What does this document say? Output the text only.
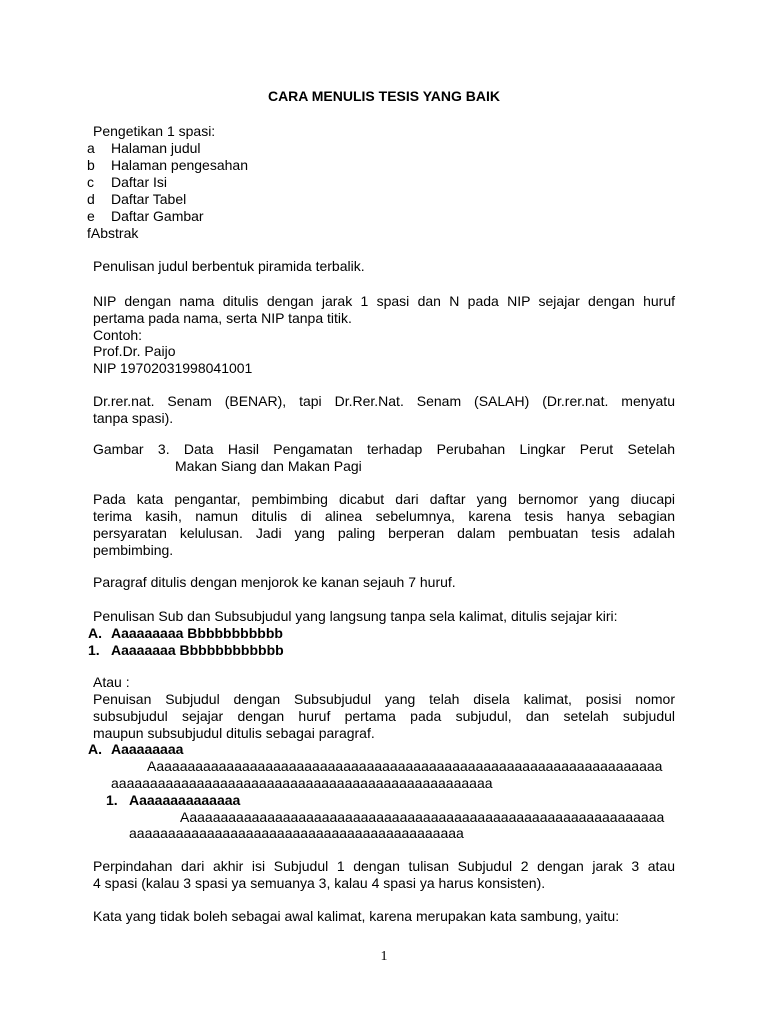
CARA MENULIS TESIS YANG BAIK
Pengetikan 1 spasi:
a Halaman judul
b Halaman pengesahan
c Daftar Isi
d Daftar Tabel
e Daftar Gambar
fAbstrak
Penulisan judul berbentuk piramida terbalik.
NIP dengan nama ditulis dengan jarak 1 spasi dan N pada NIP sejajar dengan huruf
pertama pada nama, serta NIP tanpa titik.
Contoh:
Prof.Dr. Paijo
NIP 19702031998041001
Dr.rer.nat. Senam (BENAR), tapi Dr.Rer.Nat. Senam (SALAH) (Dr.rer.nat. menyatu
tanpa spasi).
Gambar 3. Data Hasil Pengamatan terhadap Perubahan Lingkar Perut Setelah
Makan Siang dan Makan Pagi
Pada kata pengantar, pembimbing dicabut dari daftar yang bernomor yang diucapi
terima kasih, namun ditulis di alinea sebelumnya, karena tesis hanya sebagian
persyaratan kelulusan. Jadi yang paling berperan dalam pembuatan tesis adalah
pembimbing.
Paragraf ditulis dengan menjorok ke kanan sejauh 7 huruf.
Penulisan Sub dan Subsubjudul yang langsung tanpa sela kalimat, ditulis sejajar kiri:
A. Aaaaaaaaa Bbbbbbbbbbb
1. Aaaaaaaa Bbbbbbbbbbbb
Atau :
Penuisan Subjudul dengan Subsubjudul yang telah disela kalimat, posisi nomor
subsubjudul sejajar dengan huruf pertama pada subjudul, dan setelah subjudul
maupun subsubjudul ditulis sebagai paragraf.
A. Aaaaaaaaa
Aaaaaaaaaaaaaaaaaaaaaaaaaaaaaaaaaaaaaaaaaaaaaaaaaaaaaaaaaaaaaaaaaa
aaaaaaaaaaaaaaaaaaaaaaaaaaaaaaaaaaaaaaaaaaaaaaaaa
1. Aaaaaaaaaaaaaa
Aaaaaaaaaaaaaaaaaaaaaaaaaaaaaaaaaaaaaaaaaaaaaaaaaaaaaaaaaaaaaa
aaaaaaaaaaaaaaaaaaaaaaaaaaaaaaaaaaaaaaaaaaa
Perpindahan dari akhir isi Subjudul 1 dengan tulisan Subjudul 2 dengan jarak 3 atau
4 spasi (kalau 3 spasi ya semuanya 3, kalau 4 spasi ya harus konsisten).
Kata yang tidak boleh sebagai awal kalimat, karena merupakan kata sambung, yaitu:
1
